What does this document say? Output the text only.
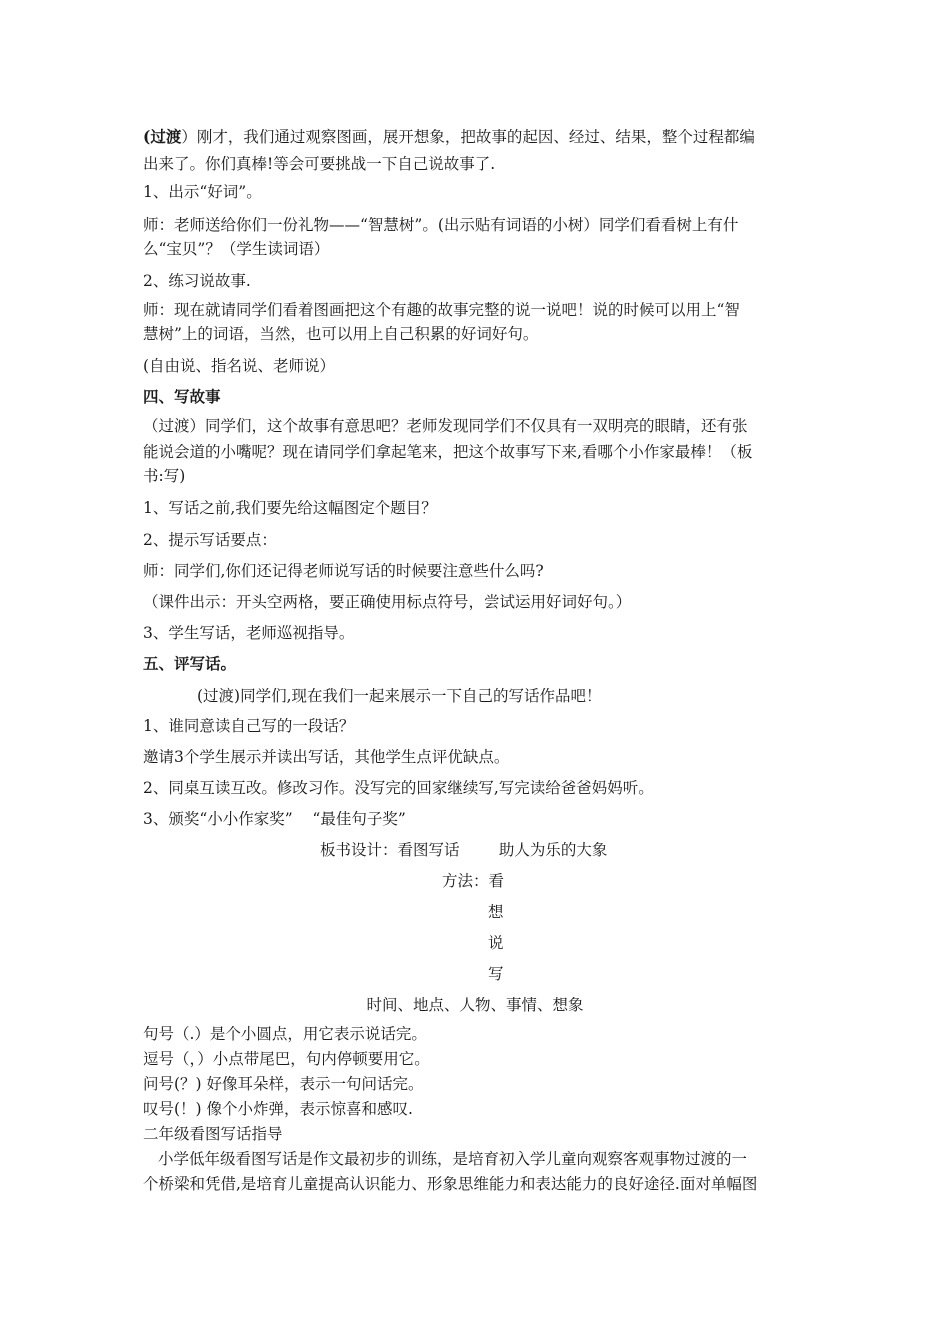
(过渡）刚才，我们通过观察图画，展开想象，把故事的起因、经过、结果，整个过程都编
出来了。你们真棒!等会可要挑战一下自己说故事了.
1、出示“好词”。
师：老师送给你们一份礼物——“智慧树”。(出示贴有词语的小树）同学们看看树上有什
么“宝贝”？（学生读词语）
2、练习说故事.
师：现在就请同学们看着图画把这个有趣的故事完整的说一说吧！说的时候可以用上“智
慧树”上的词语，当然，也可以用上自己积累的好词好句。
(自由说、指名说、老师说）
四、写故事
（过渡）同学们，这个故事有意思吧？老师发现同学们不仅具有一双明亮的眼睛，还有张
能说会道的小嘴呢？现在请同学们拿起笔来，把这个故事写下来,看哪个小作家最棒！（板
书:写)
1、写话之前,我们要先给这幅图定个题目？
2、提示写话要点：
师：同学们,你们还记得老师说写话的时候要注意些什么吗?
（课件出示：开头空两格，要正确使用标点符号，尝试运用好词好句。）
3、学生写话，老师巡视指导。
五、评写话。
(过渡)同学们,现在我们一起来展示一下自己的写话作品吧！
1、谁同意读自己写的一段话？
邀请3个学生展示并读出写话，其他学生点评优缺点。
2、同桌互读互改。修改习作。没写完的回家继续写,写完读给爸爸妈妈听。
3、颁奖“小小作家奖”    “最佳句子奖”
板书设计：看图写话        助人为乐的大象
方法：看
想
说
写
时间、地点、人物、事情、想象
句号（.）是个小圆点，用它表示说话完。
逗号（，）小点带尾巴，句内停顿要用它。
问号(？) 好像耳朵样，表示一句问话完。
叹号(！) 像个小炸弹，表示惊喜和感叹.
二年级看图写话指导
小学低年级看图写话是作文最初步的训练，是培育初入学儿童向观察客观事物过渡的一
个桥梁和凭借,是培育儿童提高认识能力、形象思维能力和表达能力的良好途径.面对单幅图
